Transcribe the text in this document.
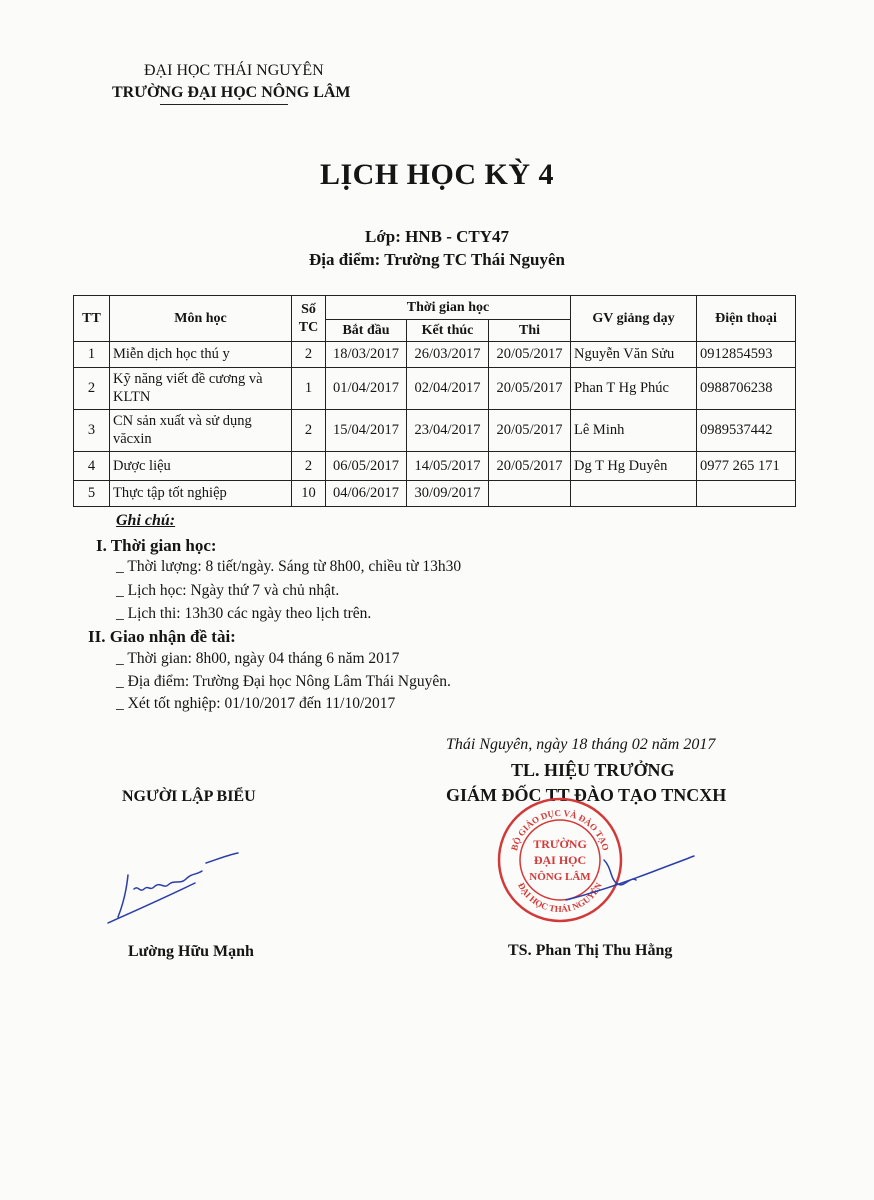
ĐẠI HỌC THÁI NGUYÊN
TRƯỜNG ĐẠI HỌC NÔNG LÂM
LỊCH HỌC KỲ 4
Lớp: HNB - CTY47
Địa điểm: Trường TC Thái Nguyên
TT	Môn học	Số TC	Thời gian học			GV giảng dạy	Điện thoại
			Bắt đầu	Kết thúc	Thi		
1	Miễn dịch học thú y	2	18/03/2017	26/03/2017	20/05/2017	Nguyễn Văn Sửu	0912854593
2	Kỹ năng viết đề cương và KLTN	1	01/04/2017	02/04/2017	20/05/2017	Phan T Hg Phúc	0988706238
3	CN sản xuất và sử dụng văcxin	2	15/04/2017	23/04/2017	20/05/2017	Lê Minh	0989537442
4	Dược liệu	2	06/05/2017	14/05/2017	20/05/2017	Dg T Hg Duyên	0977 265 171
5	Thực tập tốt nghiệp	10	04/06/2017	30/09/2017			
Ghi chú:
I. Thời gian học:
_ Thời lượng: 8 tiết/ngày. Sáng từ 8h00, chiều từ 13h30
_ Lịch học: Ngày thứ 7 và chủ nhật.
_ Lịch thi: 13h30 các ngày theo lịch trên.
II. Giao nhận đề tài:
_ Thời gian: 8h00, ngày 04 tháng 6 năm 2017
_ Địa điểm: Trường Đại học Nông Lâm Thái Nguyên.
_ Xét tốt nghiệp: 01/10/2017 đến 11/10/2017
Thái Nguyên, ngày 18 tháng 02 năm 2017
TL. HIỆU TRƯỞNG
GIÁM ĐỐC TT ĐÀO TẠO TNCXH
NGƯỜI LẬP BIỂU
BỘ GIÁO DỤC VÀ ĐÀO TẠO
ĐẠI HỌC THÁI NGUYÊN
TRƯỜNG
ĐẠI HỌC
NÔNG LÂM
Lường Hữu Mạnh	TS. Phan Thị Thu Hằng
